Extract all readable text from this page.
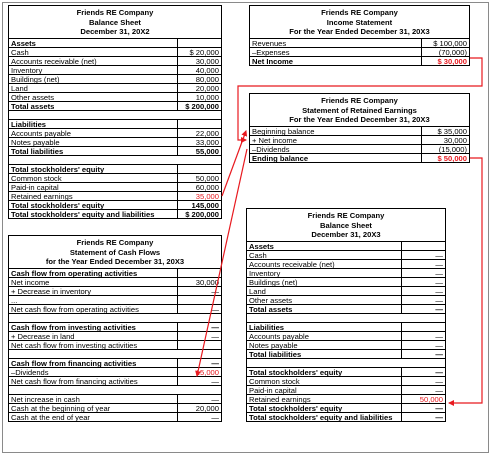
Friends RE Company
Balance Sheet
December 31, 20X2
Assets
Cash	$ 20,000
Accounts receivable (net)	30,000
Inventory	40,000
Buildings (net)	80,000
Land	20,000
Other assets	10,000
Total assets	$ 200,000
Liabilities
Accounts payable	22,000
Notes payable	33,000
Total liabilities	55,000
Total stockholders' equity
Common stock	50,000
Paid-in capital	60,000
Retained earnings	35,000
Total stockholders' equity	145,000
Total stockholders' equity and liabilities	$ 200,000
Friends RE Company
Income Statement
For the Year Ended December 31, 20X3
Revenues	$ 100,000
–Expenses	(70,000)
Net Income	$ 30,000
Friends RE Company
Statement of Retained Earnings
For the Year Ended December 31, 20X3
Beginning balance	$ 35,000
+ Net income	30,000
–Dividends	(15,000)
Ending balance	$ 50,000
Friends RE Company
Statement of Cash Flows
for the Year Ended December 31, 20X3
Cash flow from operating activities
Net income	30,000
+ Decrease in inventory	—
...
Net cash flow from operating activities	—
Cash flow from investing activities	—
+ Decrease in land	—
Net cash flow from investing activities
Cash flow from financing activities	—
–Dividends	15,000
Net cash flow from financing activities	—
Net increase in cash	—
Cash at the beginning of year	20,000
Cash at the end of year	—
Friends RE Company
Balance Sheet
December 31, 20X3
Assets
Cash	—
Accounts receivable (net)	—
Inventory	—
Buildings (net)	—
Land	—
Other assets	—
Total assets	—
Liabilities
Accounts payable	—
Notes payable	—
Total liabilities	—
Total stockholders' equity	—
Common stock	—
Paid-in capital	—
Retained earnings	50,000
Total stockholders' equity	—
Total stockholders' equity and liabilities	—
